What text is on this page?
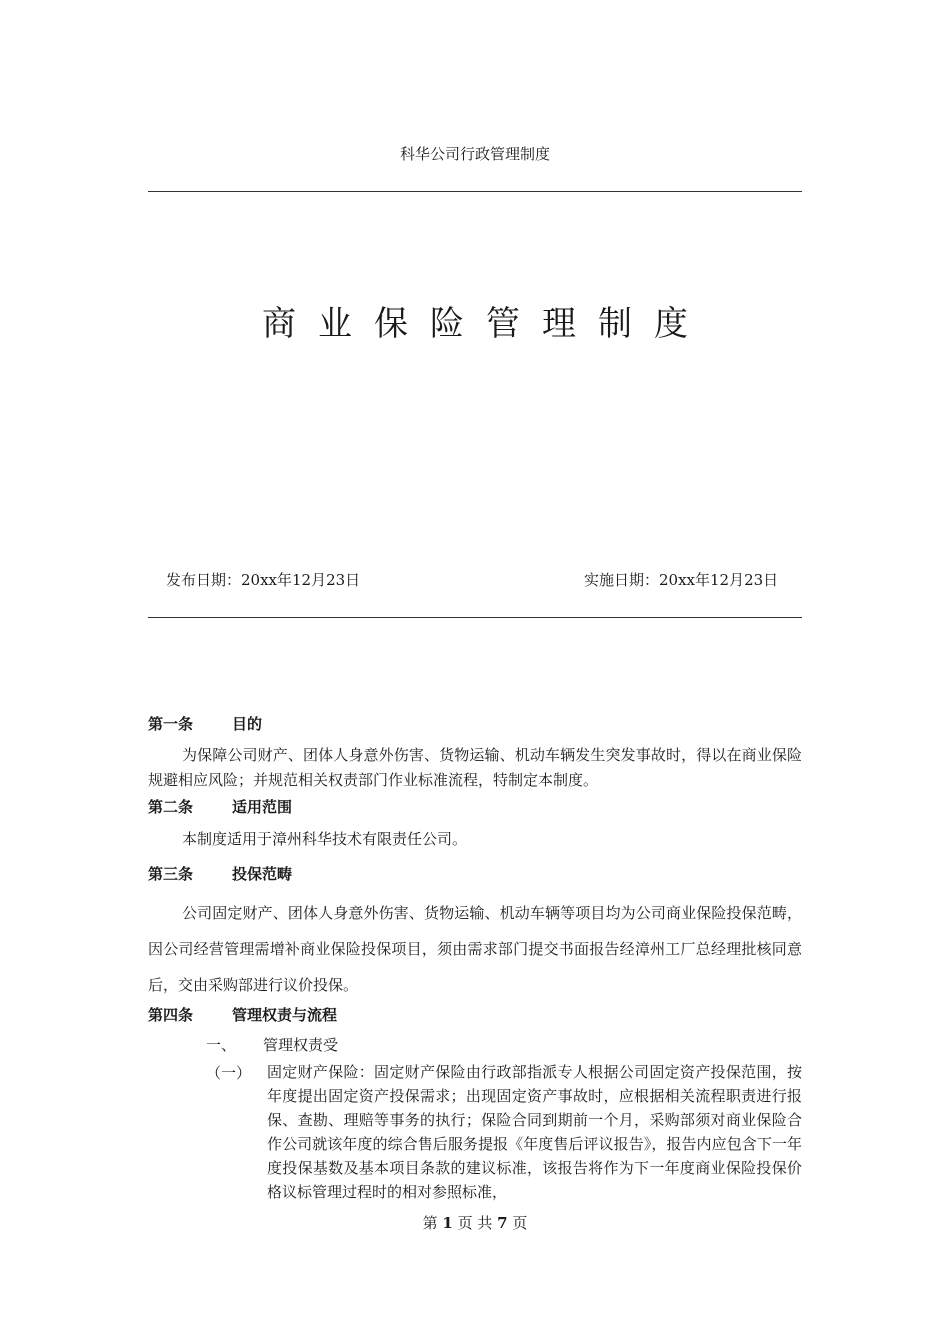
科华公司行政管理制度
商业保险管理制度
发布日期：20xx年12月23日	实施日期：20xx年12月23日
第一条	目的
为保障公司财产、团体人身意外伤害、货物运输、机动车辆发生突发事故时，得以在商业保险规避相应风险；并规范相关权责部门作业标准流程，特制定本制度。
第二条	适用范围
本制度适用于漳州科华技术有限责任公司。
第三条	投保范畴
公司固定财产、团体人身意外伤害、货物运输、机动车辆等项目均为公司商业保险投保范畴，因公司经营管理需增补商业保险投保项目，须由需求部门提交书面报告经漳州工厂总经理批核同意后，交由采购部进行议价投保。
第四条	管理权责与流程
一、 管理权责受
（一） 固定财产保险：固定财产保险由行政部指派专人根据公司固定资产投保范围，按年度提出固定资产投保需求；出现固定资产事故时，应根据相关流程职责进行报保、查勘、理赔等事务的执行；保险合同到期前一个月，采购部须对商业保险合作公司就该年度的综合售后服务提报《年度售后评议报告》，报告内应包含下一年度投保基数及基本项目条款的建议标准，该报告将作为下一年度商业保险投保价格议标管理过程时的相对参照标准，
第 1 页 共 7 页
